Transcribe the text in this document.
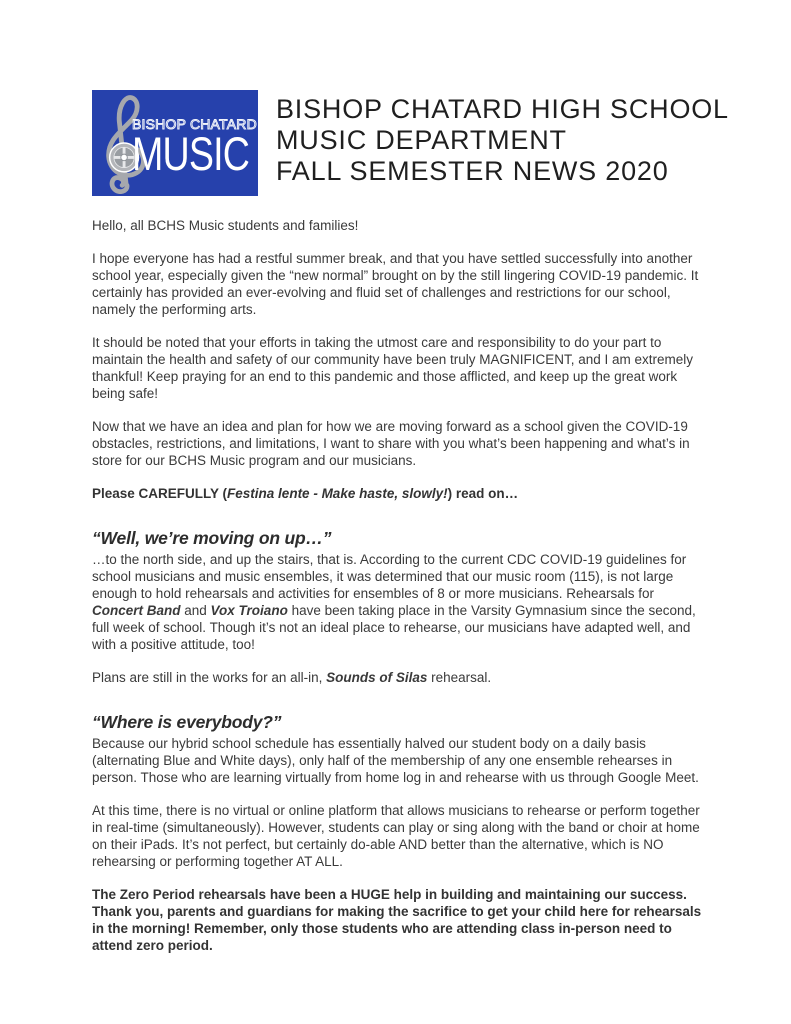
BISHOP CHATARD
MUSIC
BISHOP CHATARD HIGH SCHOOL
MUSIC DEPARTMENT
FALL SEMESTER NEWS 2020

Hello, all BCHS Music students and families!

I hope everyone has had a restful summer break, and that you have settled successfully into another school year, especially given the “new normal” brought on by the still lingering COVID-19 pandemic. It certainly has provided an ever-evolving and fluid set of challenges and restrictions for our school, namely the performing arts.

It should be noted that your efforts in taking the utmost care and responsibility to do your part to maintain the health and safety of our community have been truly MAGNIFICENT, and I am extremely thankful! Keep praying for an end to this pandemic and those afflicted, and keep up the great work being safe!

Now that we have an idea and plan for how we are moving forward as a school given the COVID-19 obstacles, restrictions, and limitations, I want to share with you what’s been happening and what’s in store for our BCHS Music program and our musicians.

Please CAREFULLY (Festina lente - Make haste, slowly!) read on…

“Well, we’re moving on up…”

…to the north side, and up the stairs, that is. According to the current CDC COVID-19 guidelines for school musicians and music ensembles, it was determined that our music room (115), is not large enough to hold rehearsals and activities for ensembles of 8 or more musicians. Rehearsals for Concert Band and Vox Troiano have been taking place in the Varsity Gymnasium since the second, full week of school. Though it’s not an ideal place to rehearse, our musicians have adapted well, and with a positive attitude, too!

Plans are still in the works for an all-in, Sounds of Silas rehearsal.

“Where is everybody?”

Because our hybrid school schedule has essentially halved our student body on a daily basis (alternating Blue and White days), only half of the membership of any one ensemble rehearses in person. Those who are learning virtually from home log in and rehearse with us through Google Meet.

At this time, there is no virtual or online platform that allows musicians to rehearse or perform together in real-time (simultaneously). However, students can play or sing along with the band or choir at home on their iPads. It’s not perfect, but certainly do-able AND better than the alternative, which is NO rehearsing or performing together AT ALL.

The Zero Period rehearsals have been a HUGE help in building and maintaining our success. Thank you, parents and guardians for making the sacrifice to get your child here for rehearsals in the morning! Remember, only those students who are attending class in-person need to attend zero period.
